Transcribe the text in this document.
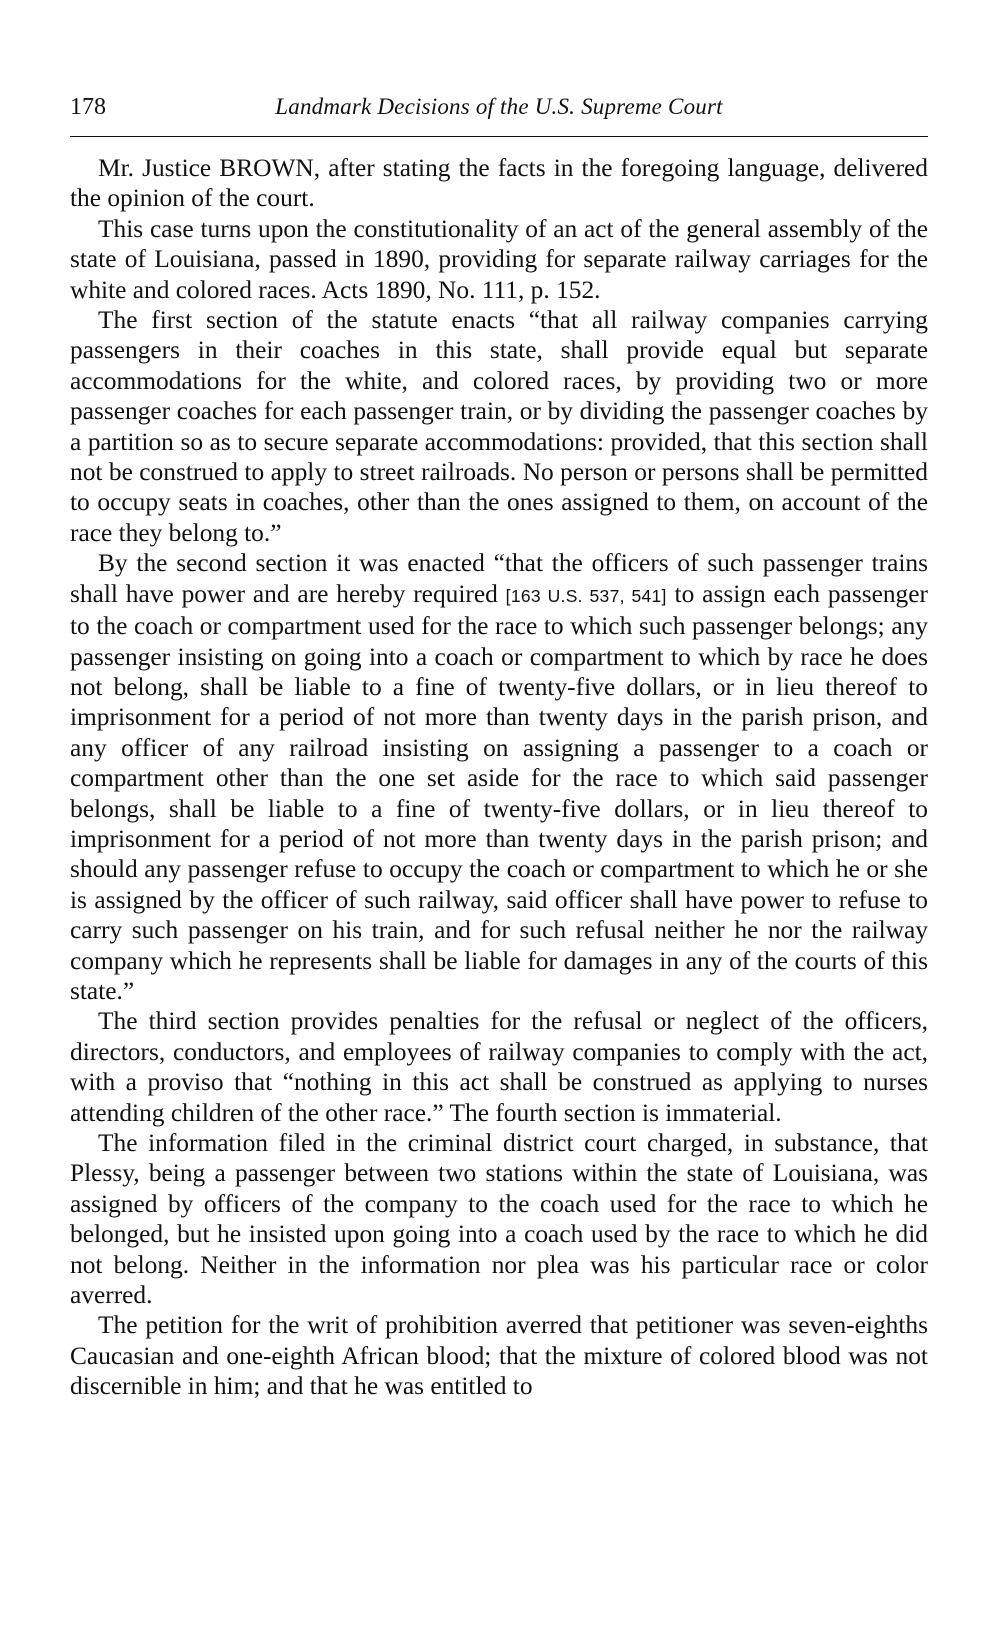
178	Landmark Decisions of the U.S. Supreme Court

Mr. Justice BROWN, after stating the facts in the foregoing language, delivered the opinion of the court.

This case turns upon the constitutionality of an act of the general assembly of the state of Louisiana, passed in 1890, providing for separate railway carriages for the white and colored races. Acts 1890, No. 111, p. 152.

The first section of the statute enacts “that all railway companies carrying passengers in their coaches in this state, shall provide equal but separate accommodations for the white, and colored races, by providing two or more passenger coaches for each passenger train, or by dividing the passenger coaches by a partition so as to secure separate accommodations: provided, that this section shall not be construed to apply to street railroads. No person or persons shall be permitted to occupy seats in coaches, other than the ones assigned to them, on account of the race they belong to.”

By the second section it was enacted “that the officers of such passenger trains shall have power and are hereby required [163 U.S. 537, 541] to assign each passenger to the coach or compartment used for the race to which such passenger belongs; any passenger insisting on going into a coach or compartment to which by race he does not belong, shall be liable to a fine of twenty-five dollars, or in lieu thereof to imprisonment for a period of not more than twenty days in the parish prison, and any officer of any railroad insisting on assigning a passenger to a coach or compartment other than the one set aside for the race to which said passenger belongs, shall be liable to a fine of twenty-five dollars, or in lieu thereof to imprisonment for a period of not more than twenty days in the parish prison; and should any passenger refuse to occupy the coach or compartment to which he or she is assigned by the officer of such railway, said officer shall have power to refuse to carry such passenger on his train, and for such refusal neither he nor the railway company which he represents shall be liable for damages in any of the courts of this state.”

The third section provides penalties for the refusal or neglect of the officers, directors, conductors, and employees of railway companies to comply with the act, with a proviso that “nothing in this act shall be construed as applying to nurses attending children of the other race.” The fourth section is immaterial.

The information filed in the criminal district court charged, in substance, that Plessy, being a passenger between two stations within the state of Louisiana, was assigned by officers of the company to the coach used for the race to which he belonged, but he insisted upon going into a coach used by the race to which he did not belong. Neither in the information nor plea was his particular race or color averred.

The petition for the writ of prohibition averred that petitioner was seven-eighths Caucasian and one-eighth African blood; that the mixture of colored blood was not discernible in him; and that he was entitled to
